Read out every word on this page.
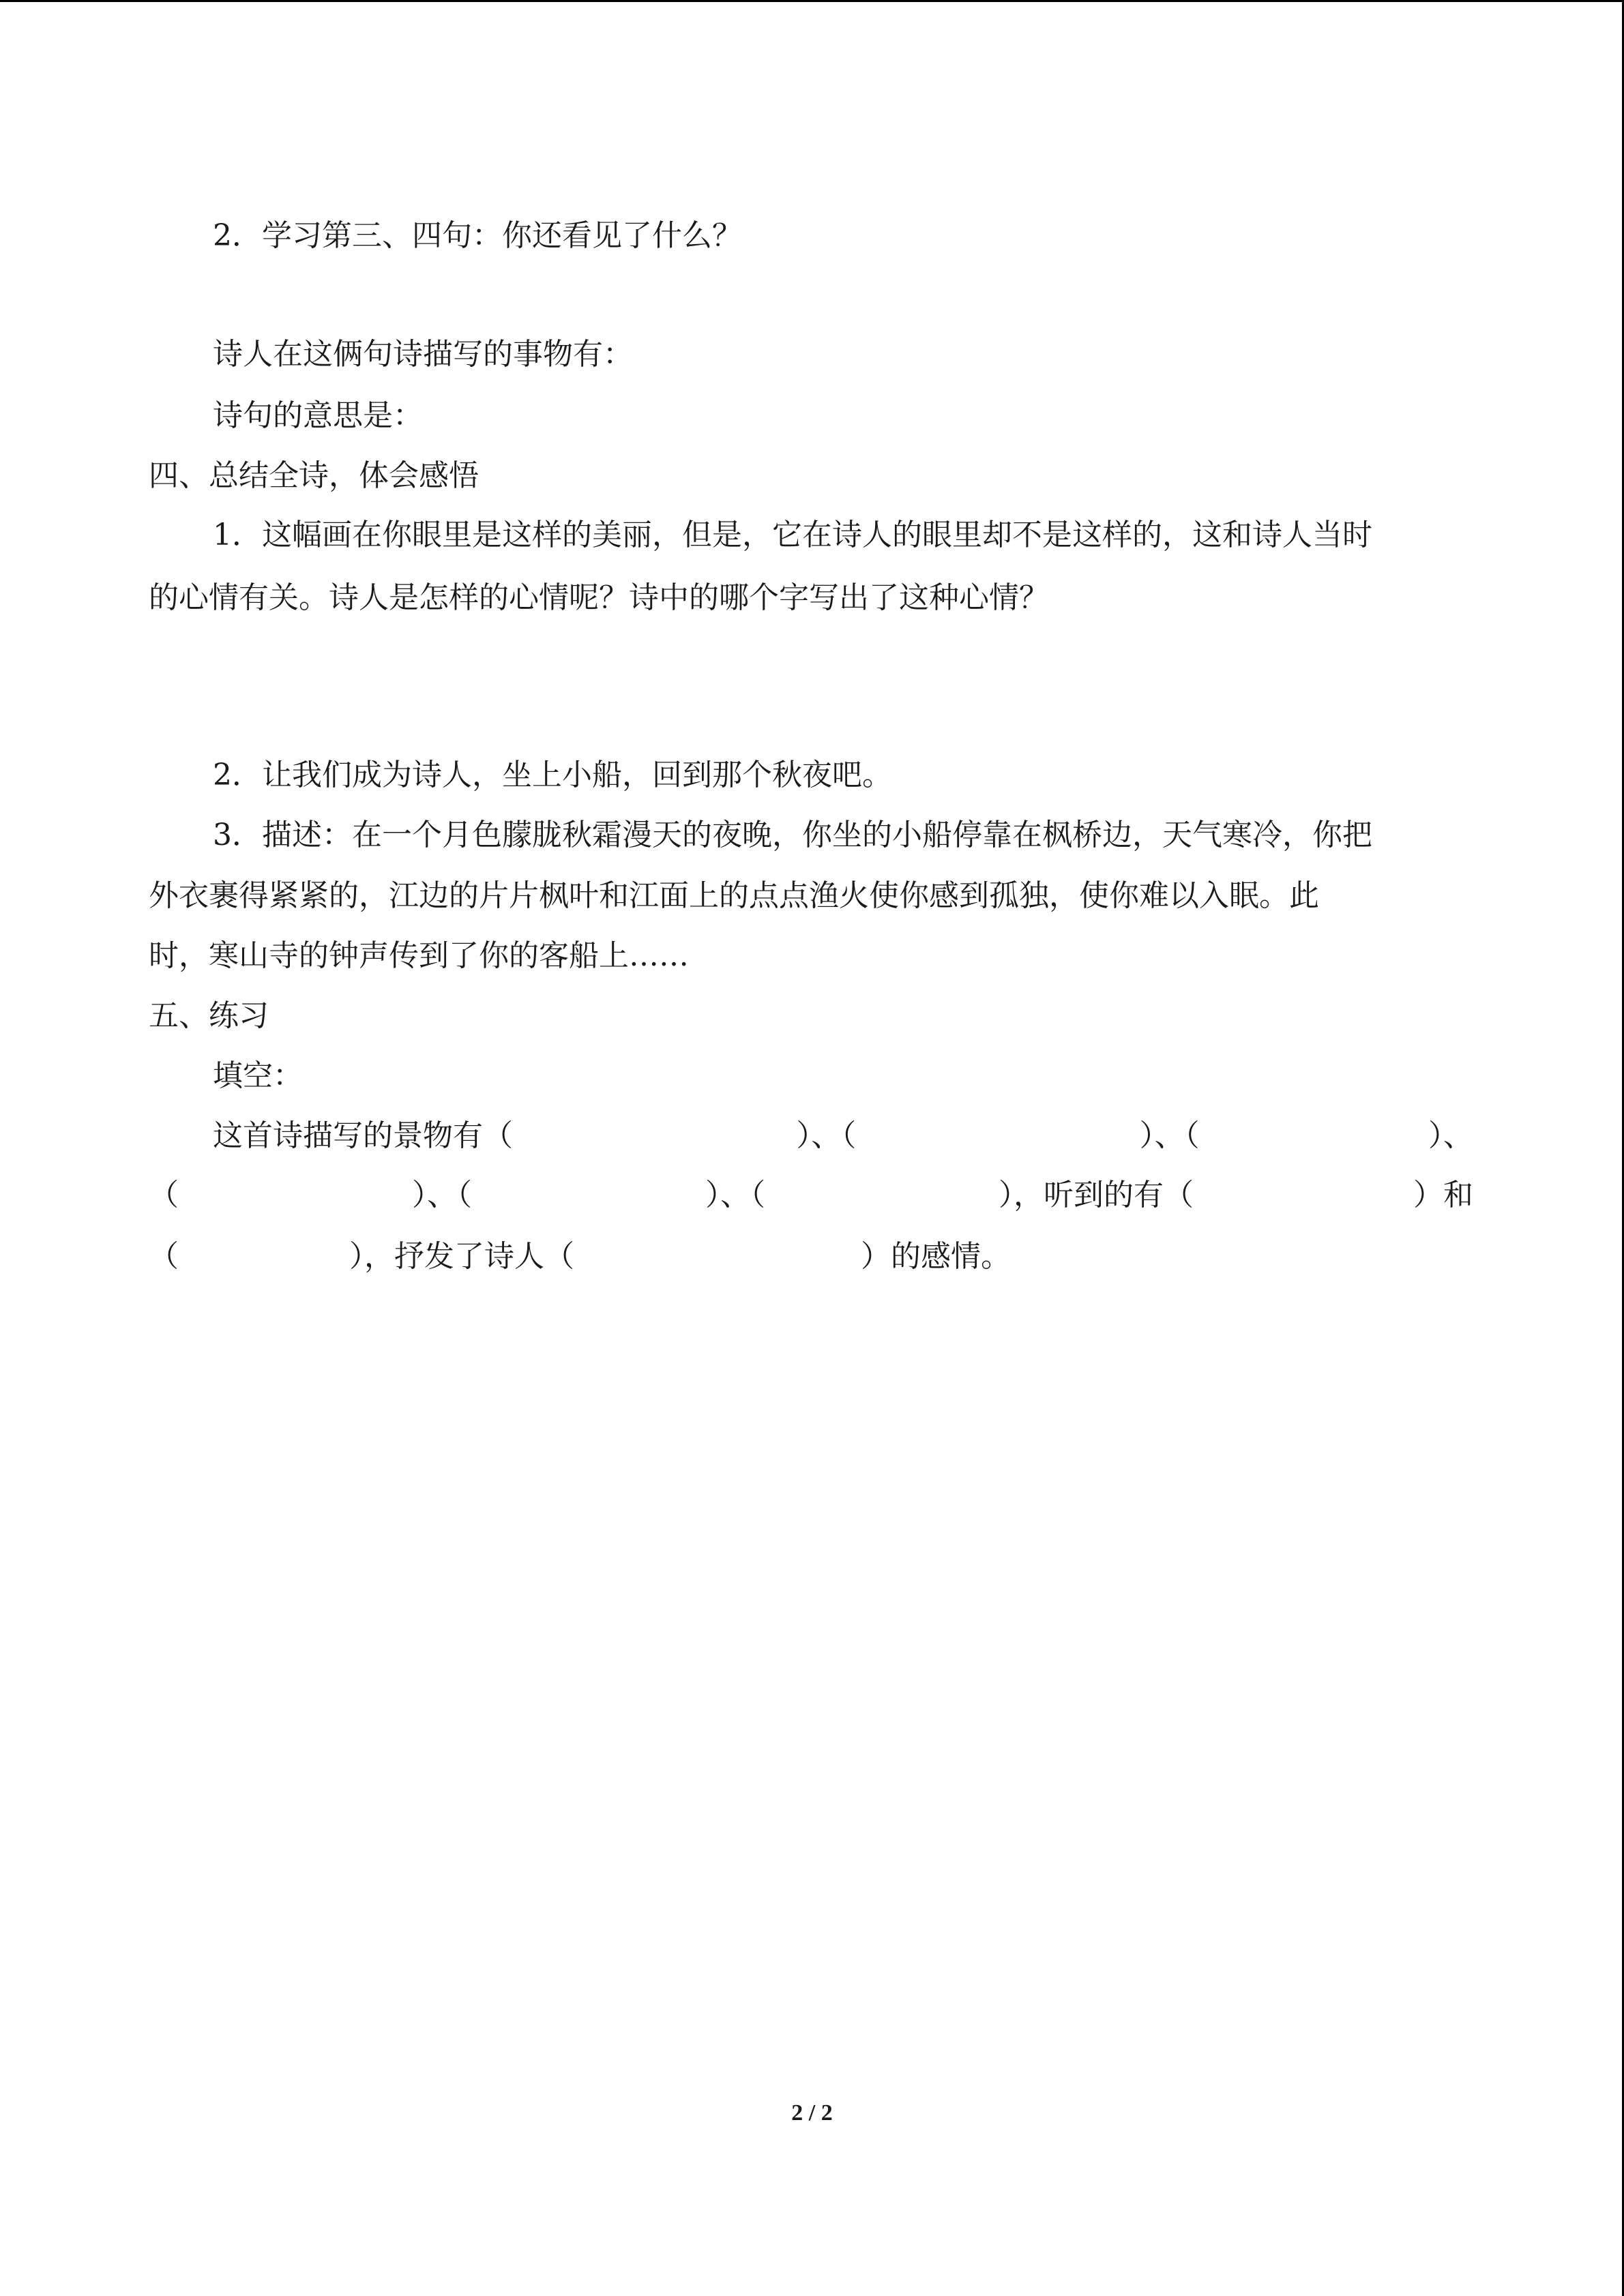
2．学习第三、四句：你还看见了什么？
诗人在这俩句诗描写的事物有：
诗句的意思是：
四、总结全诗，体会感悟
1．这幅画在你眼里是这样的美丽，但是，它在诗人的眼里却不是这样的，这和诗人当时
的心情有关。诗人是怎样的心情呢？诗中的哪个字写出了这种心情？
2．让我们成为诗人，坐上小船，回到那个秋夜吧。
3．描述：在一个月色朦胧秋霜漫天的夜晚，你坐的小船停靠在枫桥边，天气寒冷，你把
外衣裹得紧紧的，江边的片片枫叶和江面上的点点渔火使你感到孤独，使你难以入眠。此
时，寒山寺的钟声传到了你的客船上……
五、练习
填空：
这首诗描写的景物有（	）、（	）、（	）、
（	）、（	）、（	），听到的有（	）和
（	），抒发了诗人（	）的感情。
2 / 2
